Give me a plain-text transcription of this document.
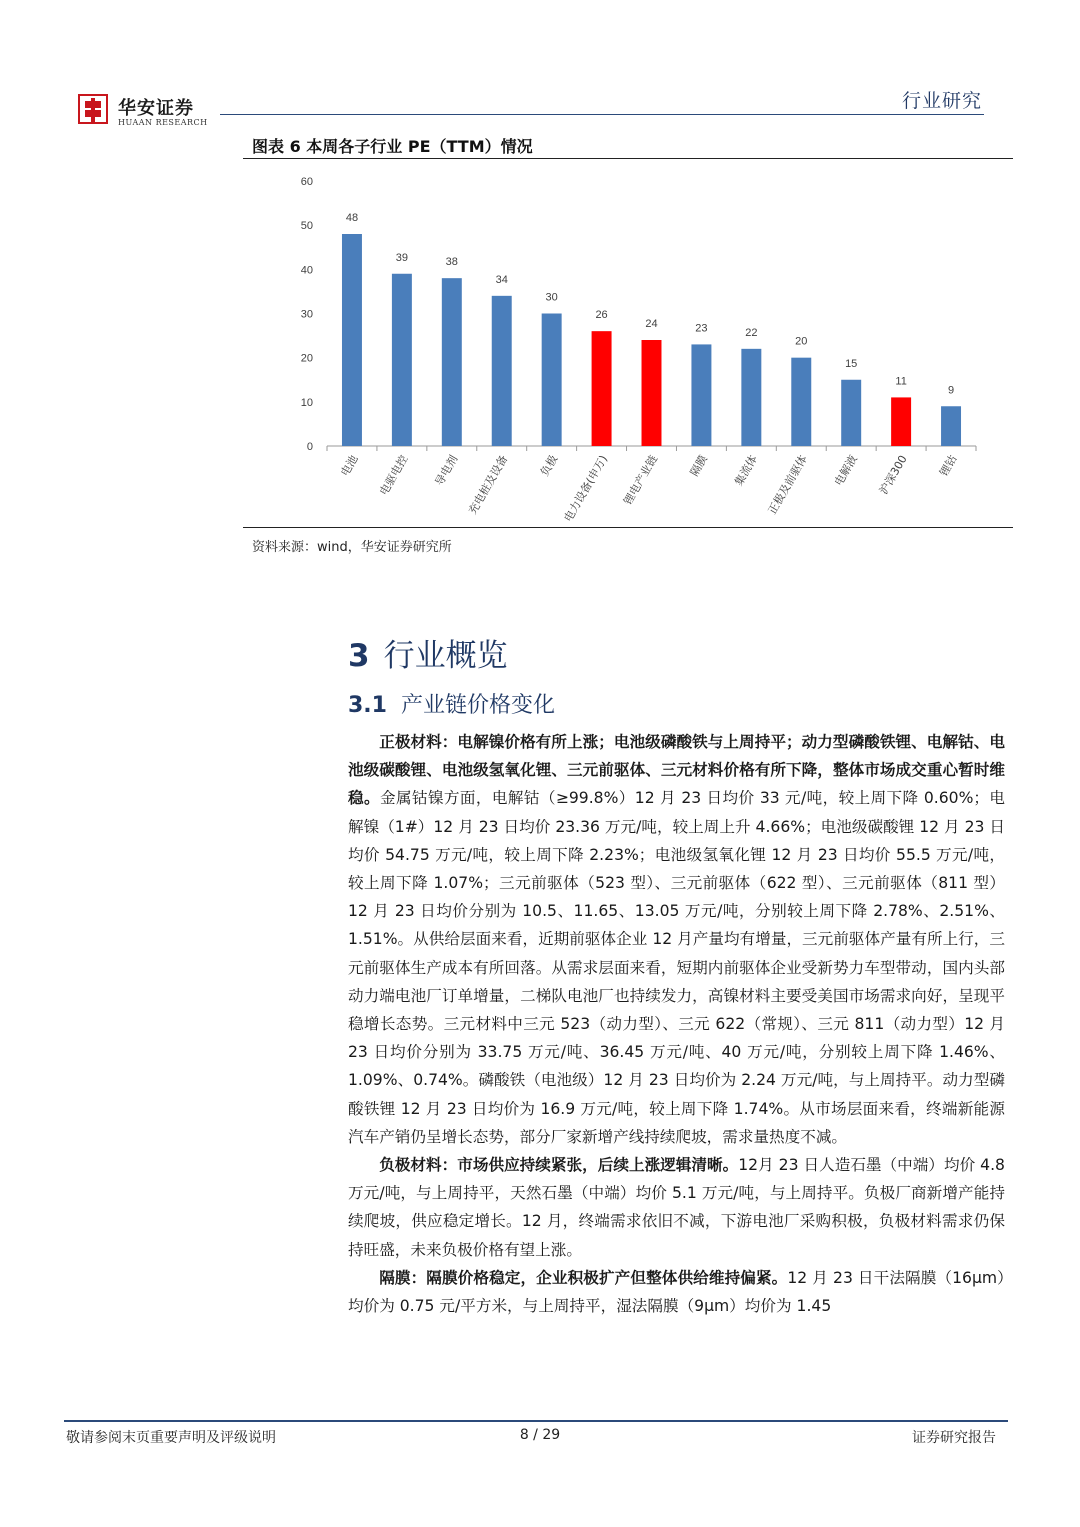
华安证券
HUAAN RESEARCH
行业研究
图表 6 本周各子行业 PE（TTM）情况
0
10
20
30
40
50
60
48
电池
39
电驱电控
38
导电剂
34
充电桩及设备
30
负极
26
电力设备(申万)
24
锂电产业链
23
隔膜
22
集流体
20
正极及前驱体
15
电解液
11
沪深300
9
锂钴
资料来源：wind，华安证券研究所
3 行业概览
3.1 产业链价格变化

正极材料：电解镍价格有所上涨；电池级磷酸铁与上周持平；动力型磷酸铁锂、电解钴、电池级碳酸锂、电池级氢氧化锂、三元前驱体、三元材料价格有所下降，整体市场成交重心暂时维稳。金属钴镍方面，电解钴（≥99.8%）12 月 23 日均价 33 元/吨，较上周下降 0.60%；电解镍（1#）12 月 23 日均价 23.36 万元/吨，较上周上升 4.66%；电池级碳酸锂 12 月 23 日均价 54.75 万元/吨，较上周下降 2.23%；电池级氢氧化锂 12 月 23 日均价 55.5 万元/吨，较上周下降 1.07%；三元前驱体（523 型）、三元前驱体（622 型）、三元前驱体（811 型）12 月 23 日均价分别为 10.5、11.65、13.05 万元/吨，分别较上周下降 2.78%、2.51%、1.51%。从供给层面来看，近期前驱体企业 12 月产量均有增量，三元前驱体产量有所上行，三元前驱体生产成本有所回落。从需求层面来看，短期内前驱体企业受新势力车型带动，国内头部动力端电池厂订单增量，二梯队电池厂也持续发力，高镍材料主要受美国市场需求向好，呈现平稳增长态势。三元材料中三元 523（动力型）、三元 622（常规）、三元 811（动力型）12 月 23 日均价分别为 33.75 万元/吨、36.45 万元/吨、40 万元/吨，分别较上周下降 1.46%、1.09%、0.74%。磷酸铁（电池级）12 月 23 日均价为 2.24 万元/吨，与上周持平。动力型磷酸铁锂 12 月 23 日均价为 16.9 万元/吨，较上周下降 1.74%。从市场层面来看，终端新能源汽车产销仍呈增长态势，部分厂家新增产线持续爬坡，需求量热度不减。

负极材料：市场供应持续紧张，后续上涨逻辑清晰。12月 23 日人造石墨（中端）均价 4.8 万元/吨，与上周持平，天然石墨（中端）均价 5.1 万元/吨，与上周持平。负极厂商新增产能持续爬坡，供应稳定增长。12 月，终端需求依旧不减，下游电池厂采购积极，负极材料需求仍保持旺盛，未来负极价格有望上涨。

隔膜：隔膜价格稳定，企业积极扩产但整体供给维持偏紧。12 月 23 日干法隔膜（16μm）均价为 0.75 元/平方米，与上周持平，湿法隔膜（9μm）均价为 1.45

敬请参阅末页重要声明及评级说明	8 / 29	证券研究报告
